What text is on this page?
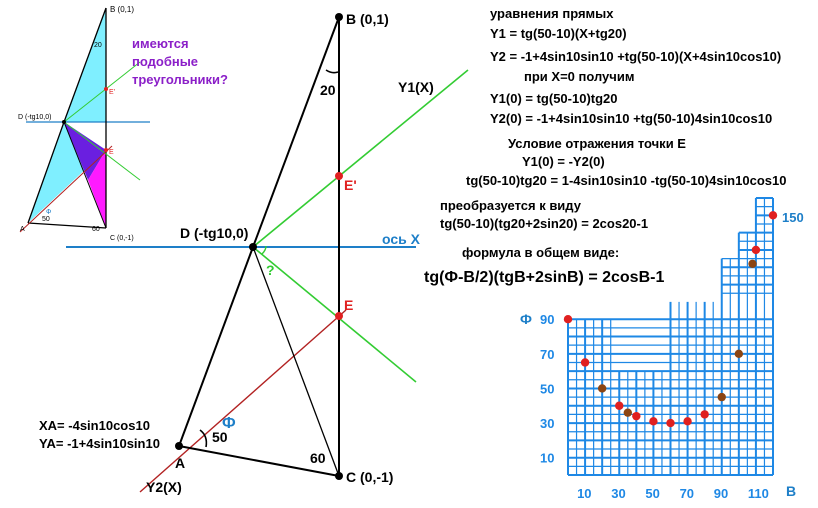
B (0,1)
D (-tg10,0)
C (0,-1)
A
E
E'
20
50
60
Ф
имеются
подобные
треугольники?
B (0,1)
D (-tg10,0)
C (0,-1)
A
E'
E
Y1(X)
Y2(X)
ось X
20
50
60
Ф
?
XA= -4sin10cos10
YA= -1+4sin10sin10
уравнения прямых
Y1 = tg(50-10)(X+tg20)
Y2 = -1+4sin10sin10 +tg(50-10)(X+4sin10cos10)
при X=0 получим
Y1(0) = tg(50-10)tg20
Y2(0) = -1+4sin10sin10 +tg(50-10)4sin10cos10
Условие отражения точки E
Y1(0) = -Y2(0)
tg(50-10)tg20 = 1-4sin10sin10 -tg(50-10)4sin10cos10
преобразуется к виду
tg(50-10)(tg20+2sin20) = 2cos20-1
формула в общем виде:
tg(Ф-B/2)(tgB+2sinB) = 2cosB-1
10 30 50 70 90 110
10
30
50
70
90
Ф
B
150
